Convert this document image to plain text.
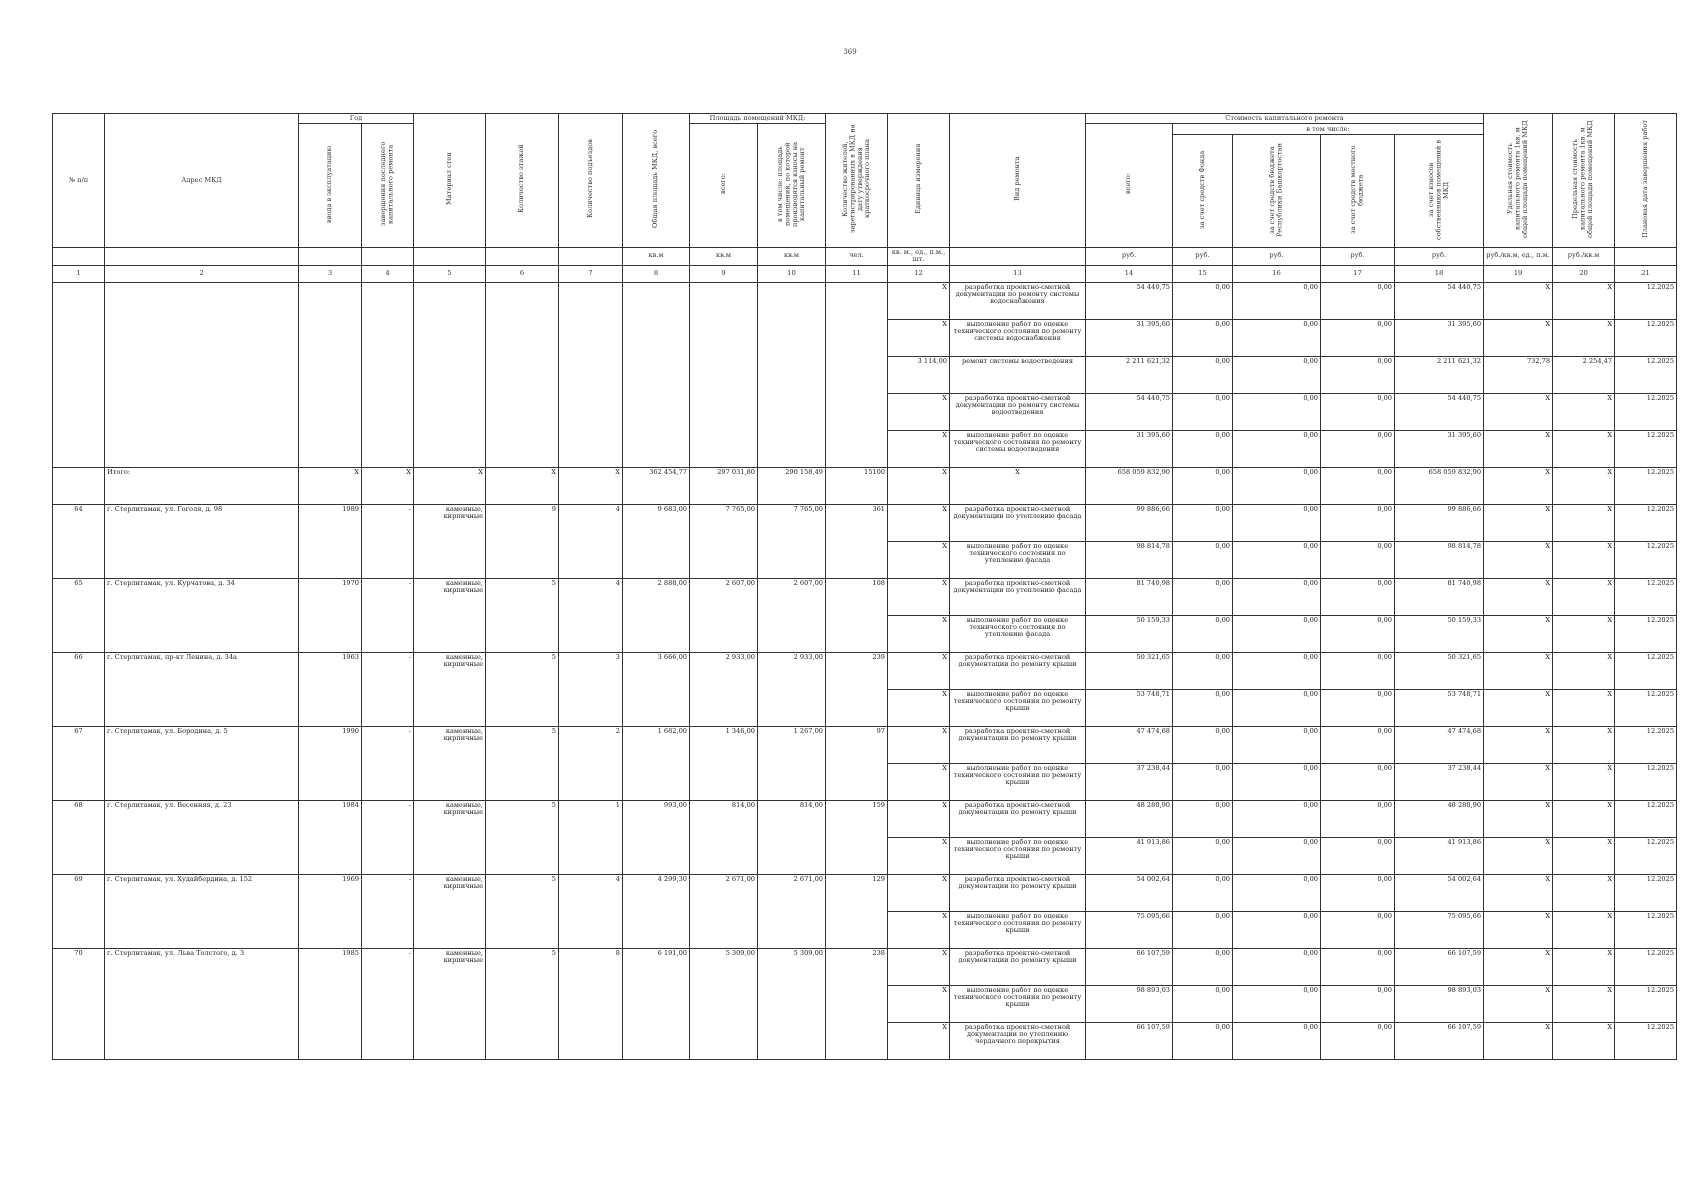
369
№ п/п	Адрес МКД	Год		Материал стен	Количество этажей	Количество подъездов	Общая площадь МКД, всего	Площадь помещений МКД:		Количество жителей, зарегистрированных в МКД на дату утверждения краткосрочного плана	Единица измерения	Вид ремонта	Стоимость капитального ремонта					Удельная стоимость капитального ремонта 1кв. м общей площади помещений МКД	Предельная стоимость капитального ремонта 1кв. м общей площади помещений МКД	Плановая дата завершения работ
		ввода в эксплуатацию	завершения последнего капитального ремонта					всего:	в том числе: площадь помещений, по которой производятся взносы на капитальный ремонт				всего:	в том числе:						
														за счет средств Фонда	за счет средств бюджета Республики Башкортостан	за счет средств местного бюджета	за счет взносов собственников помещений в МКД			
							кв.м	кв.м	кв.м	чел.	кв. м., ед., п.м., шт.		руб.	руб.	руб.	руб.	руб.	руб./кв.м, ед., п.м.	руб./кв.м	
1	2	3	4	5	6	7	8	9	10	11	12	13	14	15	16	17	18	19	20	21
											X	разработка проектно-сметной документации по ремонту системы водоснабжения	54 440,75	0,00	0,00	0,00	54 440,75	X	X	12.2025
											X	выполнение работ по оценке технического состояния по ремонту системы водоснабжения	31 395,60	0,00	0,00	0,00	31 395,60	X	X	12.2025
											3 114,00	ремонт системы водоотведения	2 211 621,32	0,00	0,00	0,00	2 211 621,32	732,78	2 254,47	12.2025
											X	разработка проектно-сметной документации по ремонту системы водоотведения	54 440,75	0,00	0,00	0,00	54 440,75	X	X	12.2025
											X	выполнение работ по оценке технического состояния по ремонту системы водоотведения	31 395,60	0,00	0,00	0,00	31 395,60	X	X	12.2025
	Итого:	X	X	X	X	X	362 454,77	297 031,80	290 158,49	15100	X	X	658 059 832,90	0,00	0,00	0,00	658 059 832,90	X	X	12.2025
64	г. Стерлитамак, ул. Гоголя, д. 98	1989	-	каменные, кирпичные	9	4	9 683,00	7 765,00	7 765,00	361	X	разработка проектно-сметной документации по утеплению фасада	99 886,66	0,00	0,00	0,00	99 886,66	X	X	12.2025
											X	выполнение работ по оценке технического состояния по утеплению фасада	98 814,78	0,00	0,00	0,00	98 814,78	X	X	12.2025
65	г. Стерлитамак, ул. Курчатова, д. 34	1970	-	каменные, кирпичные	5	4	2 888,00	2 607,00	2 607,00	108	X	разработка проектно-сметной документации по утеплению фасада	81 740,98	0,00	0,00	0,00	81 740,98	X	X	12.2025
											X	выполнение работ по оценке технического состояния по утеплению фасада	50 159,33	0,00	0,00	0,00	50 159,33	X	X	12.2025
66	г. Стерлитамак, пр-кт Ленина, д. 34а	1963	-	каменные, кирпичные	5	3	3 666,00	2 933,00	2 933,00	239	X	разработка проектно-сметной документации по ремонту крыши	50 321,65	0,00	0,00	0,00	50 321,65	X	X	12.2025
											X	выполнение работ по оценке технического состояния по ремонту крыши	53 748,71	0,00	0,00	0,00	53 748,71	X	X	12.2025
67	г. Стерлитамак, ул. Бородина, д. 5	1990	-	каменные, кирпичные	5	2	1 682,00	1 346,00	1 267,00	97	X	разработка проектно-сметной документации по ремонту крыши	47 474,68	0,00	0,00	0,00	47 474,68	X	X	12.2025
											X	выполнение работ по оценке технического состояния по ремонту крыши	37 238,44	0,00	0,00	0,00	37 238,44	X	X	12.2025
68	г. Стерлитамак, ул. Весенняя, д. 23	1984	-	каменные, кирпичные	5	1	993,00	814,00	814,00	159	X	разработка проектно-сметной документации по ремонту крыши	48 280,90	0,00	0,00	0,00	48 280,90	X	X	12.2025
											X	выполнение работ по оценке технического состояния по ремонту крыши	41 913,86	0,00	0,00	0,00	41 913,86	X	X	12.2025
69	г. Стерлитамак, ул. Худайбердина, д. 152	1969	-	каменные, кирпичные	5	4	4 299,30	2 671,00	2 671,00	129	X	разработка проектно-сметной документации по ремонту крыши	54 002,64	0,00	0,00	0,00	54 002,64	X	X	12.2025
											X	выполнение работ по оценке технического состояния по ремонту крыши	75 095,66	0,00	0,00	0,00	75 095,66	X	X	12.2025
70	г. Стерлитамак, ул. Льва Толстого, д. 3	1985	-	каменные, кирпичные	5	8	6 191,00	5 309,00	5 309,00	238	X	разработка проектно-сметной документации по ремонту крыши	66 107,59	0,00	0,00	0,00	66 107,59	X	X	12.2025
											X	выполнение работ по оценке технического состояния по ремонту крыши	98 893,03	0,00	0,00	0,00	98 893,03	X	X	12.2025
											X	разработка проектно-сметной документации по утеплению чердачного перекрытия	66 107,59	0,00	0,00	0,00	66 107,59	X	X	12.2025
